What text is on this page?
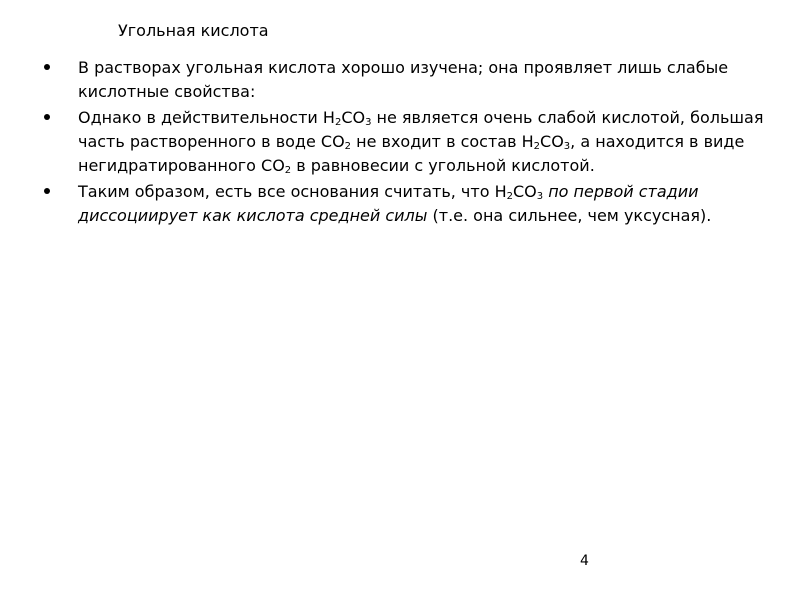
Угольная кислота
В растворах угольная кислота хорошо изучена; она проявляет лишь слабые кислотные свойства:
Однако в действительности $Н_2СО_3$ не является очень слабой кислотой, большая часть растворенного в воде $СО_2$ не входит в состав $Н_2СО_3$, а находится в виде негидратированного $СО_2$ в равновесии с угольной кислотой.
Таким образом, есть все основания считать, что $Н_2СО_3$ по первой стадии диссоциирует как кислота средней силы (т.е. она сильнее, чем уксусная).
4
